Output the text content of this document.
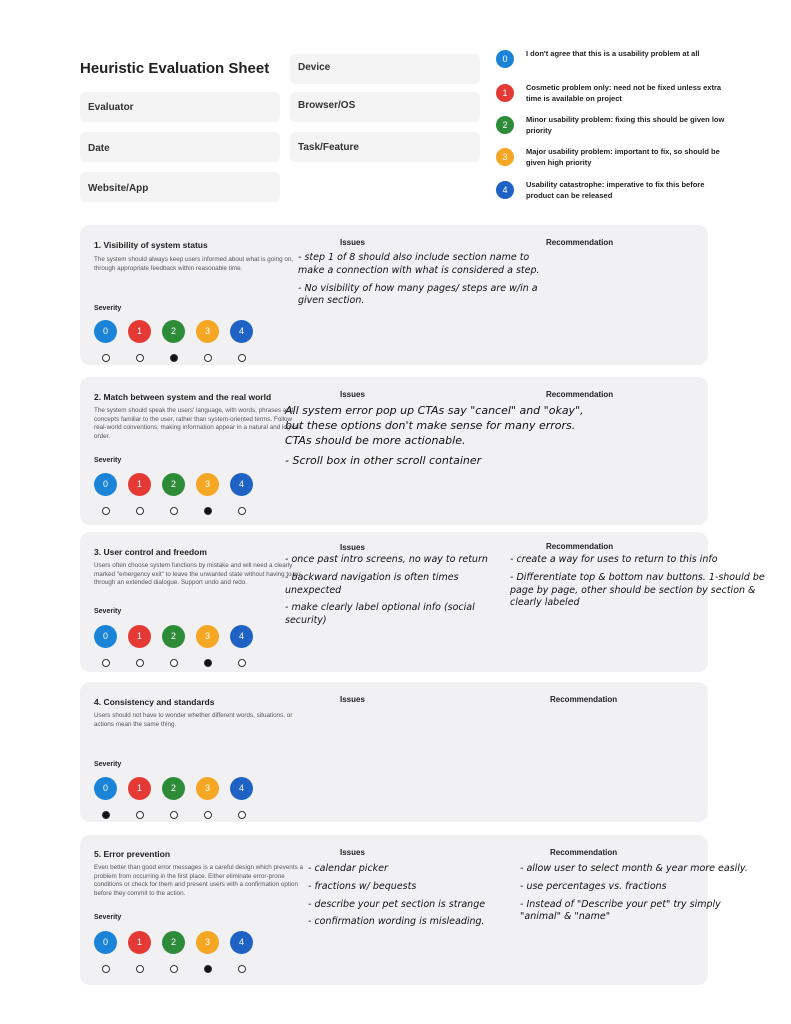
Heuristic Evaluation Sheet
Evaluator
Date
Website/App
Device
Browser/OS
Task/Feature
0
I don't agree that this is a usability problem at all
1
Cosmetic problem only: need not be fixed unless extra time is available on project
2
Minor usability problem: fixing this should be given low priority
3
Major usability problem: important to fix, so should be given high priority
4
Usability catastrophe: imperative to fix this before product can be released
1. Visibility of system status
The system should always keep users informed about what is going on, through appropriate feedback within reasonable time.
Severity
0	1	2	3	4
Issues	Recommendation

- step 1 of 8 should also include section name to make a connection with what is considered a step.

- No visibility of how many pages/ steps are w/in a given section.

2. Match between system and the real world
The system should speak the users' language, with words, phrases and concepts familiar to the user, rather than system-oriented terms. Follow real-world conventions, making information appear in a natural and logical order.
Severity
0	1	2	3	4
Issues	Recommendation

All system error pop up CTAs say "cancel" and "okay", but these options don't make sense for many errors. CTAs should be more actionable.

- Scroll box in other scroll container

3. User control and freedom
Users often choose system functions by mistake and will need a clearly marked "emergency exit" to leave the unwanted state without having to go through an extended dialogue. Support undo and redo.
Severity
0	1	2	3	4
Issues	Recommendation

- once past intro screens, no way to return

- backward navigation is often times unexpected

- make clearly label optional info (social security)

- create a way for uses to return to this info

- Differentiate top & bottom nav buttons. 1-should be page by page, other should be section by section & clearly labeled

4. Consistency and standards
Users should not have to wonder whether different words, situations, or actions mean the same thing.
Severity
0	1	2	3	4
Issues	Recommendation
5. Error prevention
Even better than good error messages is a careful design which prevents a problem from occurring in the first place. Either eliminate error-prone conditions or check for them and present users with a confirmation option before they commit to the action.
Severity
0	1	2	3	4
Issues	Recommendation

- calendar picker

- fractions w/ bequests

- describe your pet section is strange

- confirmation wording is misleading.

- allow user to select month & year more easily.

- use percentages vs. fractions

- Instead of "Describe your pet" try simply "animal" & "name"
